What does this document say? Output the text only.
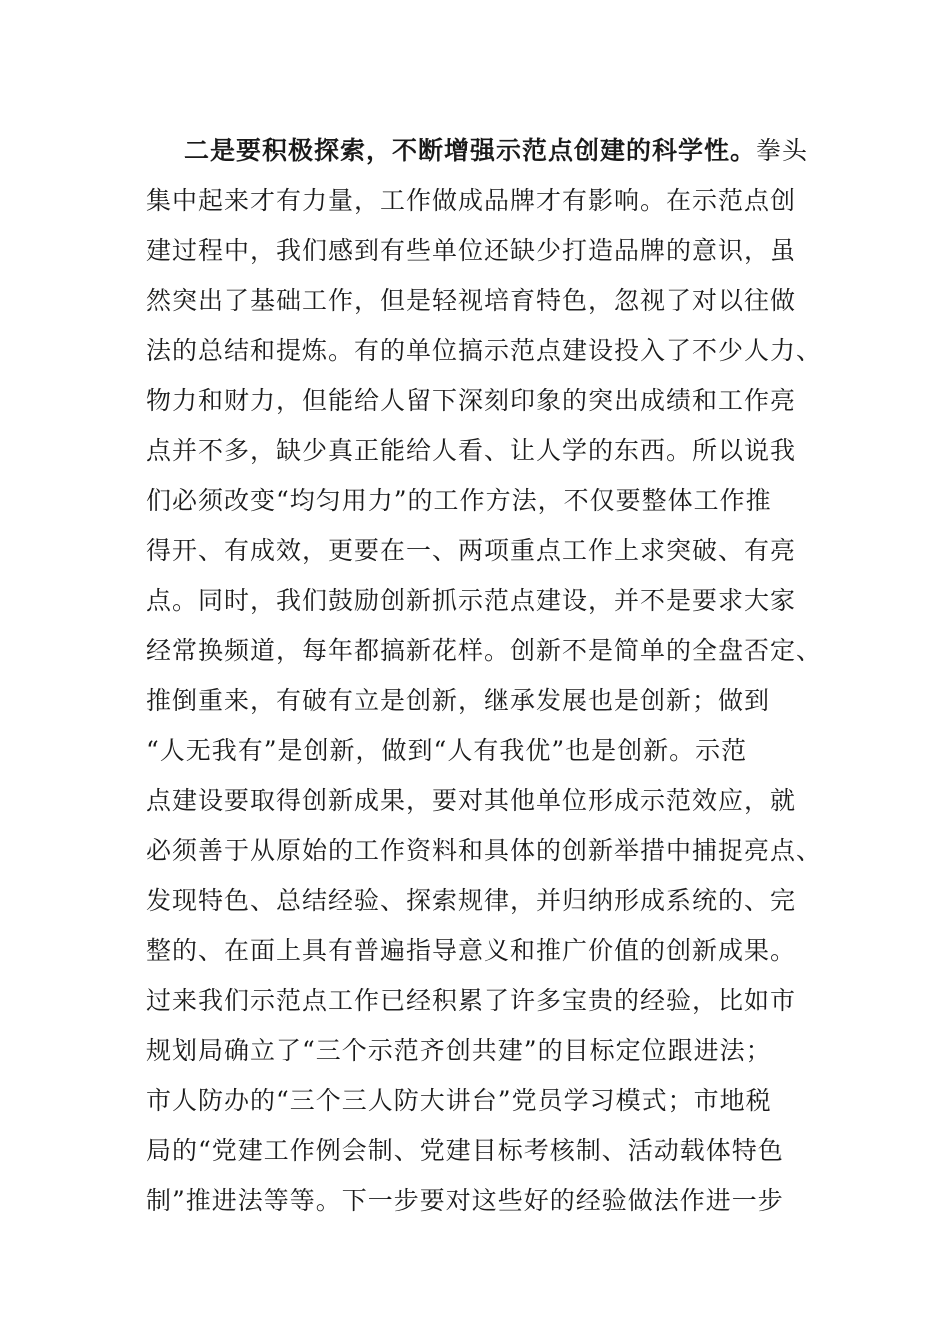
二是要积极探索，不断增强示范点创建的科学性。拳头
集中起来才有力量，工作做成品牌才有影响。在示范点创
建过程中，我们感到有些单位还缺少打造品牌的意识，虽
然突出了基础工作，但是轻视培育特色，忽视了对以往做
法的总结和提炼。有的单位搞示范点建设投入了不少人力、
物力和财力，但能给人留下深刻印象的突出成绩和工作亮
点并不多，缺少真正能给人看、让人学的东西。所以说我
们必须改变“均匀用力”的工作方法，不仅要整体工作推
得开、有成效，更要在一、两项重点工作上求突破、有亮
点。同时，我们鼓励创新抓示范点建设，并不是要求大家
经常换频道，每年都搞新花样。创新不是简单的全盘否定、
推倒重来，有破有立是创新，继承发展也是创新；做到
“人无我有”是创新，做到“人有我优”也是创新。示范
点建设要取得创新成果，要对其他单位形成示范效应，就
必须善于从原始的工作资料和具体的创新举措中捕捉亮点、
发现特色、总结经验、探索规律，并归纳形成系统的、完
整的、在面上具有普遍指导意义和推广价值的创新成果。
过来我们示范点工作已经积累了许多宝贵的经验，比如市
规划局确立了“三个示范齐创共建”的目标定位跟进法；
市人防办的“三个三人防大讲台”党员学习模式；市地税
局的“党建工作例会制、党建目标考核制、活动载体特色
制”推进法等等。下一步要对这些好的经验做法作进一步
